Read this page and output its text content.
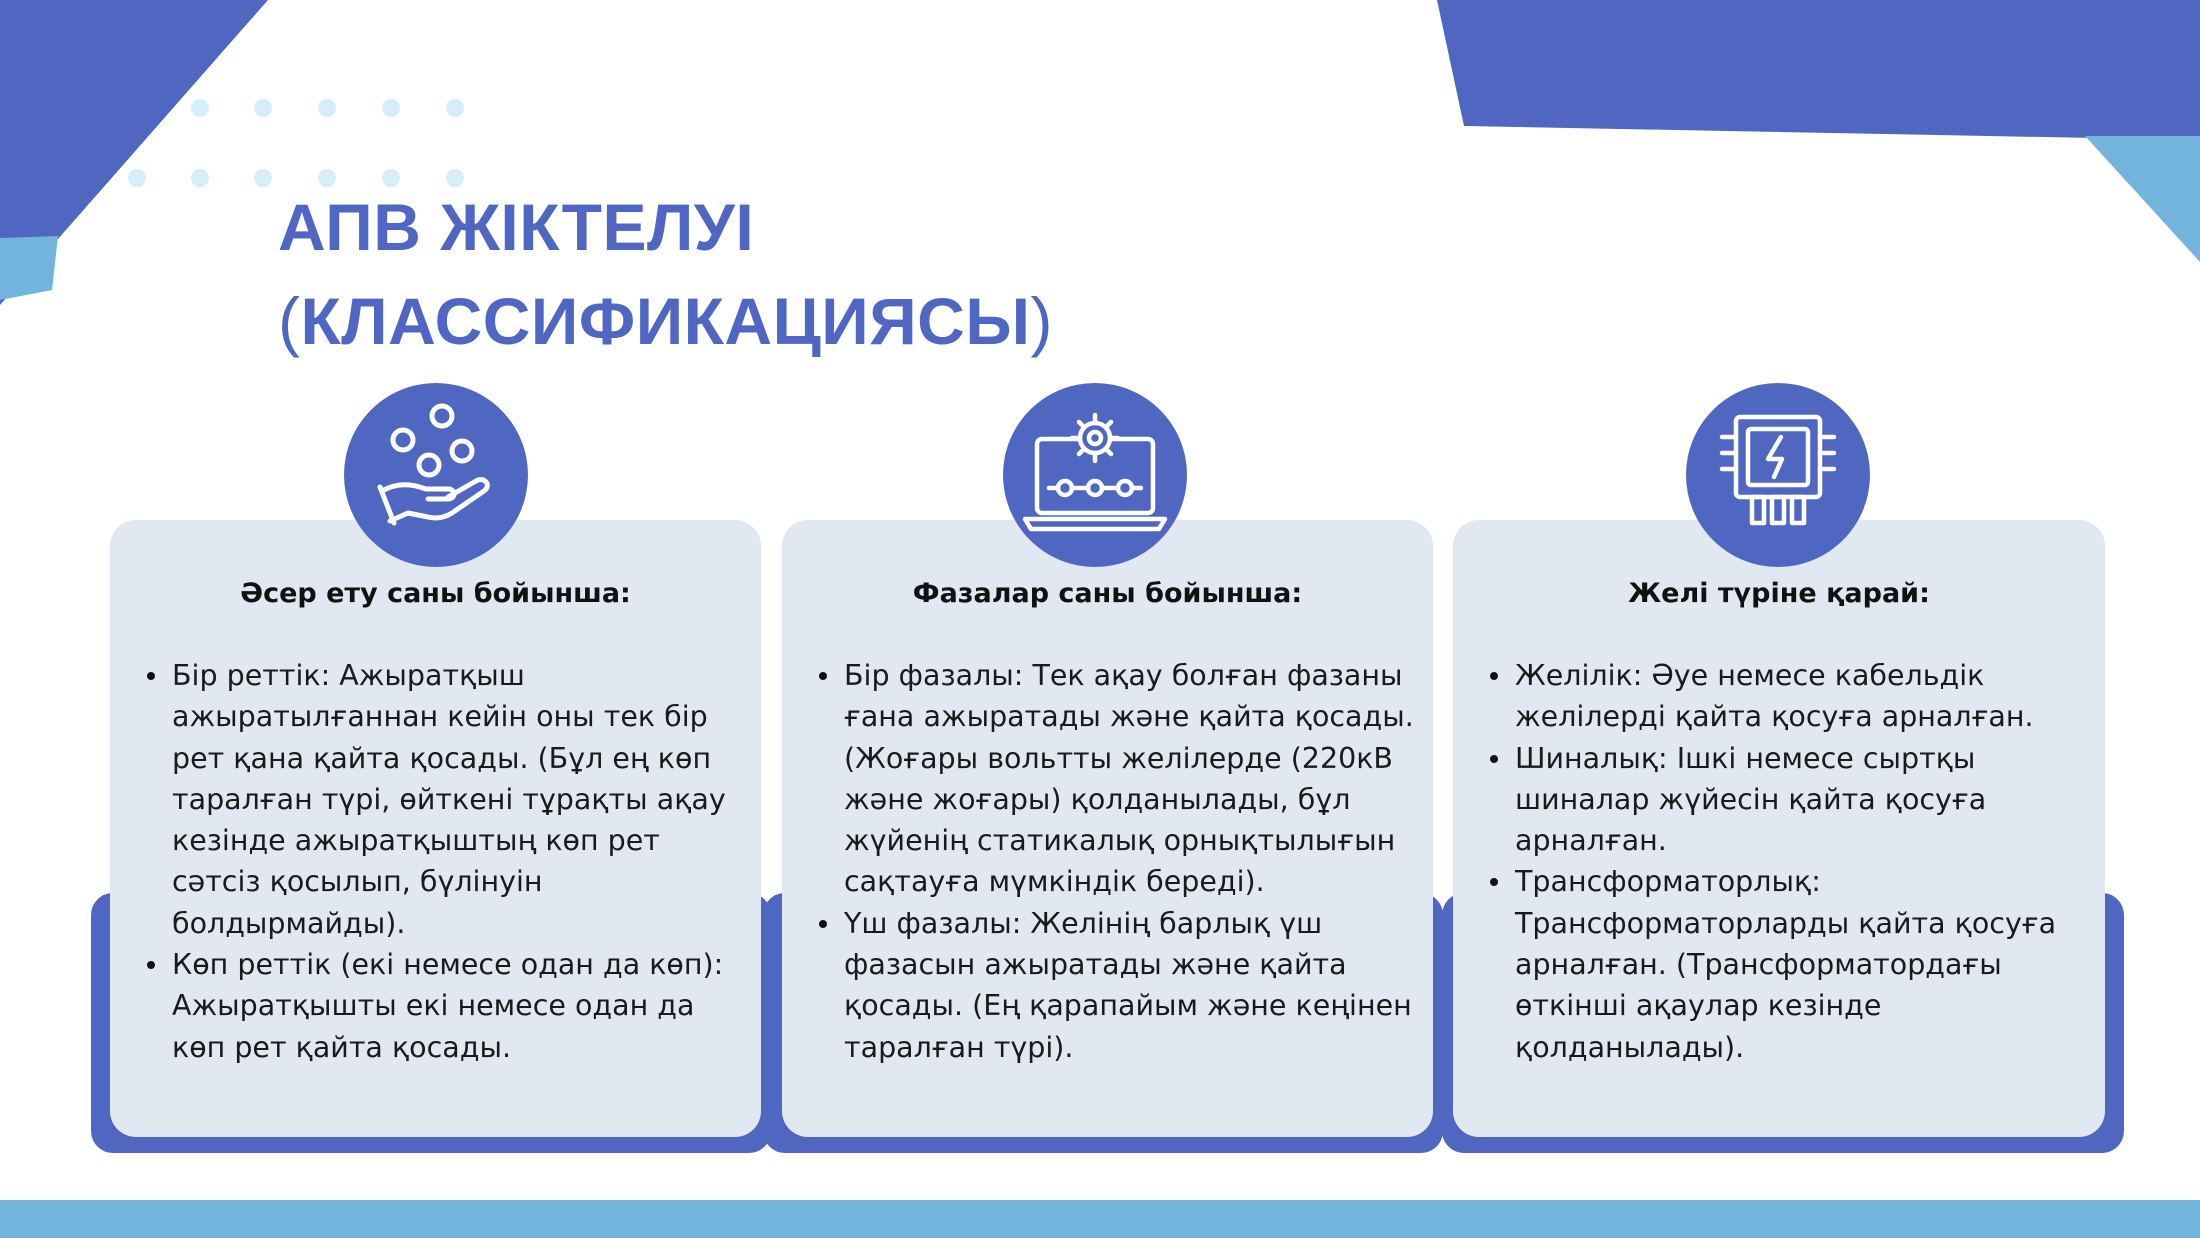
АПВ ЖІКТЕЛУІ
(КЛАССИФИКАЦИЯСЫ)
Әсер ету саны бойынша:
Бір реттік: Ажыратқыш ажыратылғаннан кейін оны тек бір рет қана қайта қосады. (Бұл ең көп таралған түрі, өйткені тұрақты ақау кезінде ажыратқыштың көп рет сәтсіз қосылып, бүлінуін болдырмайды).
Көп реттік (екі немесе одан да көп): Ажыратқышты екі немесе одан да көп рет қайта қосады.
Фазалар саны бойынша:
Бір фазалы: Тек ақау болған фазаны ғана ажыратады және қайта қосады. (Жоғары вольтты желілерде (220кВ және жоғары) қолданылады, бұл жүйенің статикалық орнықтылығын сақтауға мүмкіндік береді).
Үш фазалы: Желінің барлық үш фазасын ажыратады және қайта қосады. (Ең қарапайым және кеңінен таралған түрі).
Желі түріне қарай:
Желілік: Әуе немесе кабельдік желілерді қайта қосуға арналған.
Шиналық: Ішкі немесе сыртқы шиналар жүйесін қайта қосуға арналған.
Трансформаторлық: Трансформаторларды қайта қосуға арналған. (Трансформатордағы өткінші ақаулар кезінде қолданылады).
